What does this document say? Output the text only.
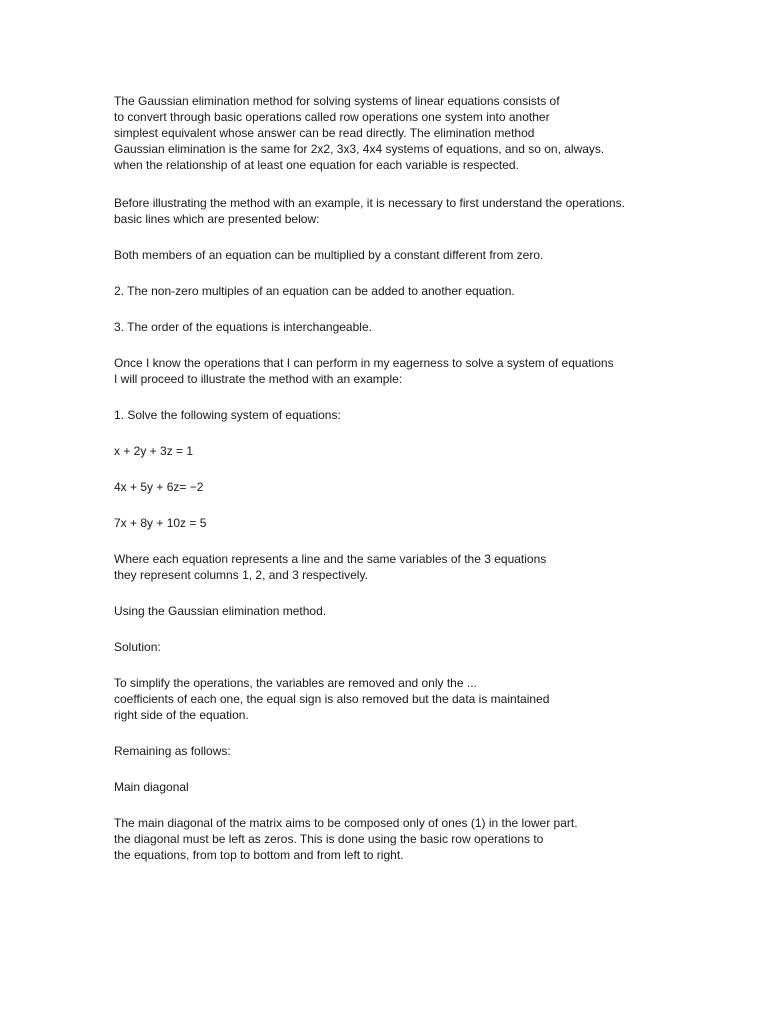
The Gaussian elimination method for solving systems of linear equations consists of
to convert through basic operations called row operations one system into another
simplest equivalent whose answer can be read directly. The elimination method
Gaussian elimination is the same for 2x2, 3x3, 4x4 systems of equations, and so on, always.
when the relationship of at least one equation for each variable is respected.

Before illustrating the method with an example, it is necessary to first understand the operations.
basic lines which are presented below:

Both members of an equation can be multiplied by a constant different from zero.

2. The non-zero multiples of an equation can be added to another equation.

3. The order of the equations is interchangeable.

Once I know the operations that I can perform in my eagerness to solve a system of equations
I will proceed to illustrate the method with an example:

1. Solve the following system of equations:

x + 2y + 3z = 1

4x + 5y + 6z= −2

7x + 8y + 10z = 5

Where each equation represents a line and the same variables of the 3 equations
they represent columns 1, 2, and 3 respectively.

Using the Gaussian elimination method.

Solution:

To simplify the operations, the variables are removed and only the ...
coefficients of each one, the equal sign is also removed but the data is maintained
right side of the equation.

Remaining as follows:

Main diagonal

The main diagonal of the matrix aims to be composed only of ones (1) in the lower part.
the diagonal must be left as zeros. This is done using the basic row operations to
the equations, from top to bottom and from left to right.
